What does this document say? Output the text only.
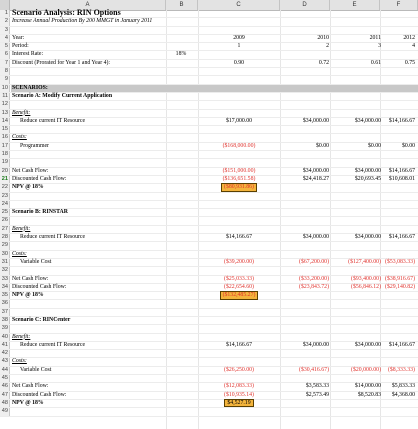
A	B	C	D	E	F
1 Scenario Analysis: RIN Options
2 Increase Annual Production By 200 MMGT in January 2011
3
4 Year:	2009	2010	2011	2012
5 Period:	1	2	3	4
6 Interest Rate:	18%
7 Discount (Prorated for Year 1 and Year 4):	0.90	0.72	0.61	0.75
8
9
10 SCENARIOS:
11 Scenario A: Modify Current Application
12
13 Benefit:
14	Reduce current IT Resource	$17,000.00	$34,000.00	$34,000.00	$14,166.67
15
16 Costs:
17	Programmer	($168,000.00)	$0.00	$0.00	$0.00
18
19
20 Net Cash Flow:	($151,000.00)	$34,000.00	$34,000.00	$14,166.67
21 Discounted Cash Flow:	($136,651.58)	$24,418.27	$20,693.45	$10,608.01
22 NPV @ 18%	($80,931.86)
23
24
25 Scenario B: RINSTAR
26
27 Benefit:
28	Reduce current IT Resource	$14,166.67	$34,000.00	$34,000.00	$14,166.67
29
30 Costs:
31	Variable Cost	($39,200.00)	($67,200.00)	($127,400.00) ($53,083.33)
32
33 Net Cash Flow:	($25,033.33)	($33,200.00)	($93,400.00) ($38,916.67)
34 Discounted Cash Flow:	($22,654.60)	($23,843.72)	($56,846.12) ($29,140.82)
35 NPV @ 18%	($132,485.27)
36
37
38 Scenario C: RINCenter
39
40 Benefit:
41	Reduce current IT Resource	$14,166.67	$34,000.00	$34,000.00	$14,166.67
42
43 Costs:
44	Variable Cost	($26,250.00)	($30,416.67)	($20,000.00)	($8,333.33)
45
46 Net Cash Flow:	($12,083.33)	$3,583.33	$14,000.00	$5,833.33
47 Discounted Cash Flow:	($10,935.14)	$2,573.49	$8,520.83	$4,368.00
48 NPV @ 18%	$4,527.19
49
